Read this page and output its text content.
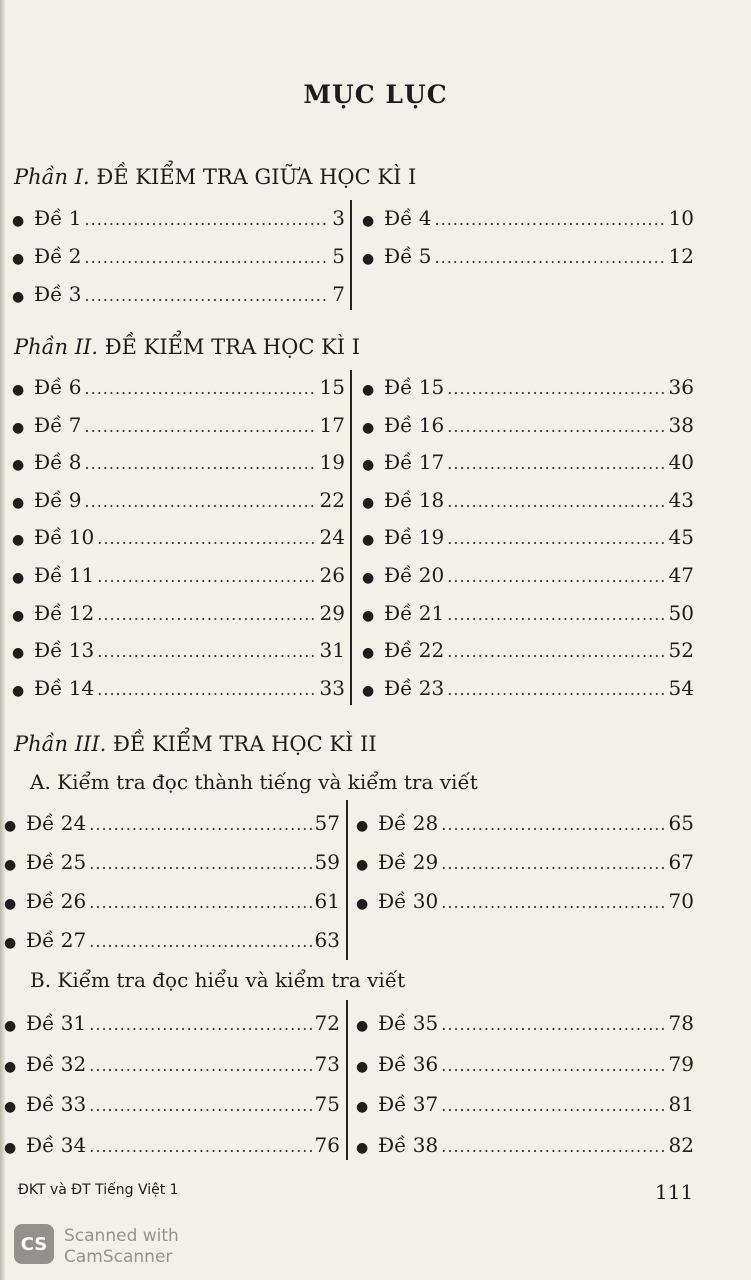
MỤC LỤC
Phần I. ĐỀ KIỂM TRA GIỮA HỌC KÌ I
Phần II. ĐỀ KIỂM TRA HỌC KÌ I
Phần III. ĐỀ KIỂM TRA HỌC KÌ II
A. Kiểm tra đọc thành tiếng và kiểm tra viết
B. Kiểm tra đọc hiểu và kiểm tra viết
● Đề 1 .....	3
● Đề 2 .....	5
● Đề 3 .....	7
● Đề 4 .....	10
● Đề 5 .....	12
● Đề 6 .....	15
● Đề 7 .....	17
● Đề 8 .....	19
● Đề 9 .....	22
● Đề 10 .....	24
● Đề 11 .....	26
● Đề 12 .....	29
● Đề 13 .....	31
● Đề 14 .....	33
● Đề 15 .....	36
● Đề 16 .....	38
● Đề 17 .....	40
● Đề 18 .....	43
● Đề 19 .....	45
● Đề 20 .....	47
● Đề 21 .....	50
● Đề 22 .....	52
● Đề 23 .....	54
● Đề 24 .....	57
● Đề 25 .....	59
● Đề 26 .....	61
● Đề 27 .....	63
● Đề 28 .....	65
● Đề 29 .....	67
● Đề 30 .....	70
● Đề 31 .....	72
● Đề 32 .....	73
● Đề 33 .....	75
● Đề 34 .....	76
● Đề 35 .....	78
● Đề 36 .....	79
● Đề 37 .....	81
● Đề 38 .....	82
ĐKT và ĐT Tiếng Việt 1	111
CS Scanned with
CamScanner
